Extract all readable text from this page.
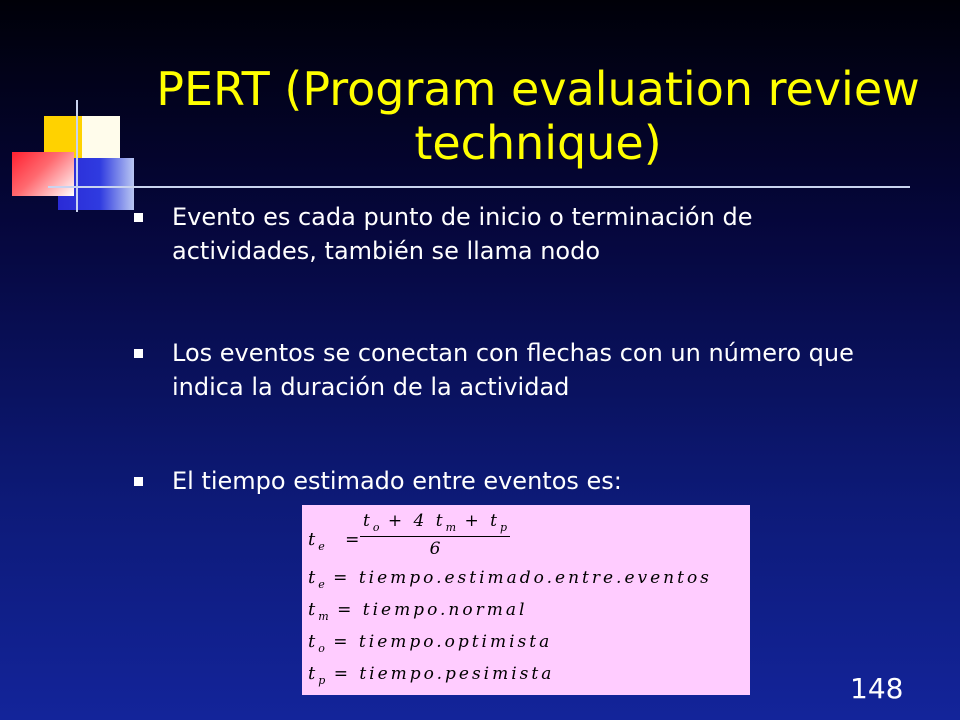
PERT (Program evaluation review technique)
Evento es cada punto de inicio o terminación de actividades, también se llama nodo
Los eventos se conectan con flechas con un número que indica la duración de la actividad
El tiempo estimado entre eventos es:
$t_e$ =
$\frac{t_o + 4 t_m + t_p}{6}$
$t_e$ = tiempo.estimado.entre.eventos
$t_m$ = tiempo.normal
$t_o$ = tiempo.optimista
$t_p$ = tiempo.pesimista	148
